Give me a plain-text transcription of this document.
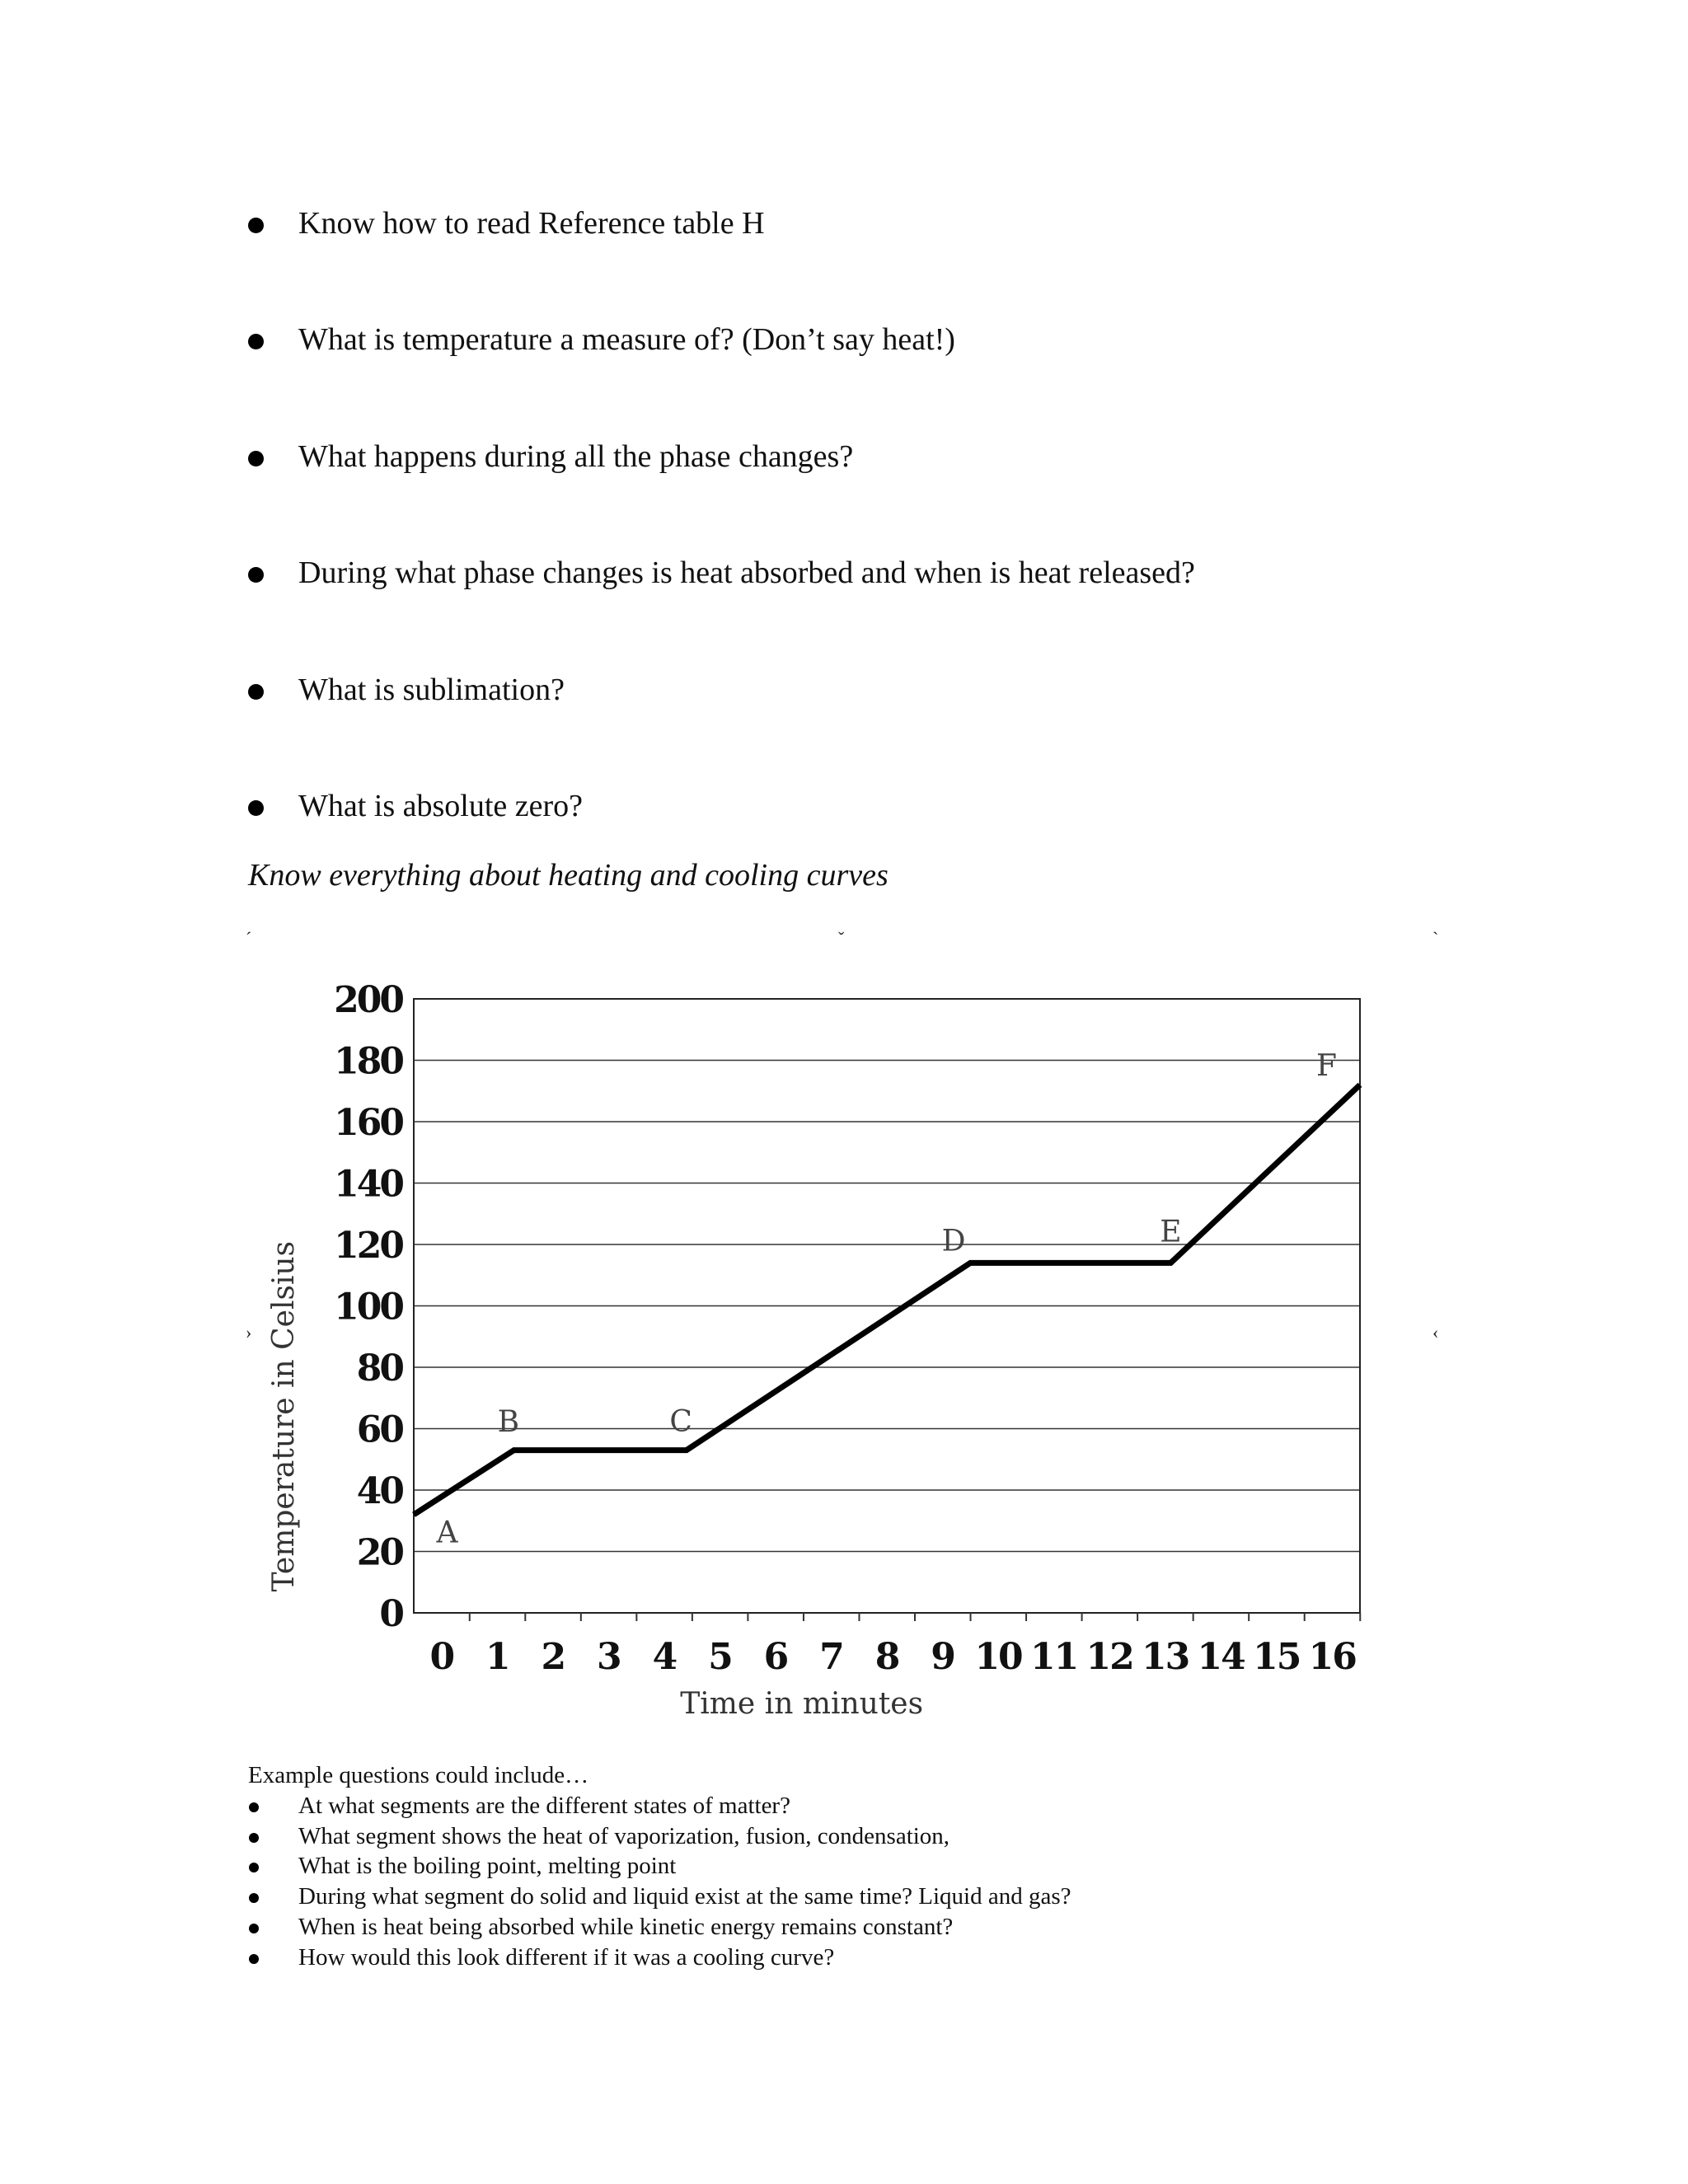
Know how to read Reference table H
What is temperature a measure of? (Don’t say heat!)
What happens during all the phase changes?
During what phase changes is heat absorbed and when is heat released?
What is sublimation?
What is absolute zero?
Know everything about heating and cooling curves
ˊ	ˇ	ˋ
›	‹
200
180
160
140
120
100
80
60
40
20
0
0 1 2 3 4 5 6 7 8 9 10 11 12 13 14 15 16
A
B	C
D	E
F
Temperature in Celsius
Time in minutes
Example questions could include…
At what segments are the different states of matter?
What segment shows the heat of vaporization, fusion, condensation,
What is the boiling point, melting point
During what segment do solid and liquid exist at the same time? Liquid and gas?
When is heat being absorbed while kinetic energy remains constant?
How would this look different if it was a cooling curve?
